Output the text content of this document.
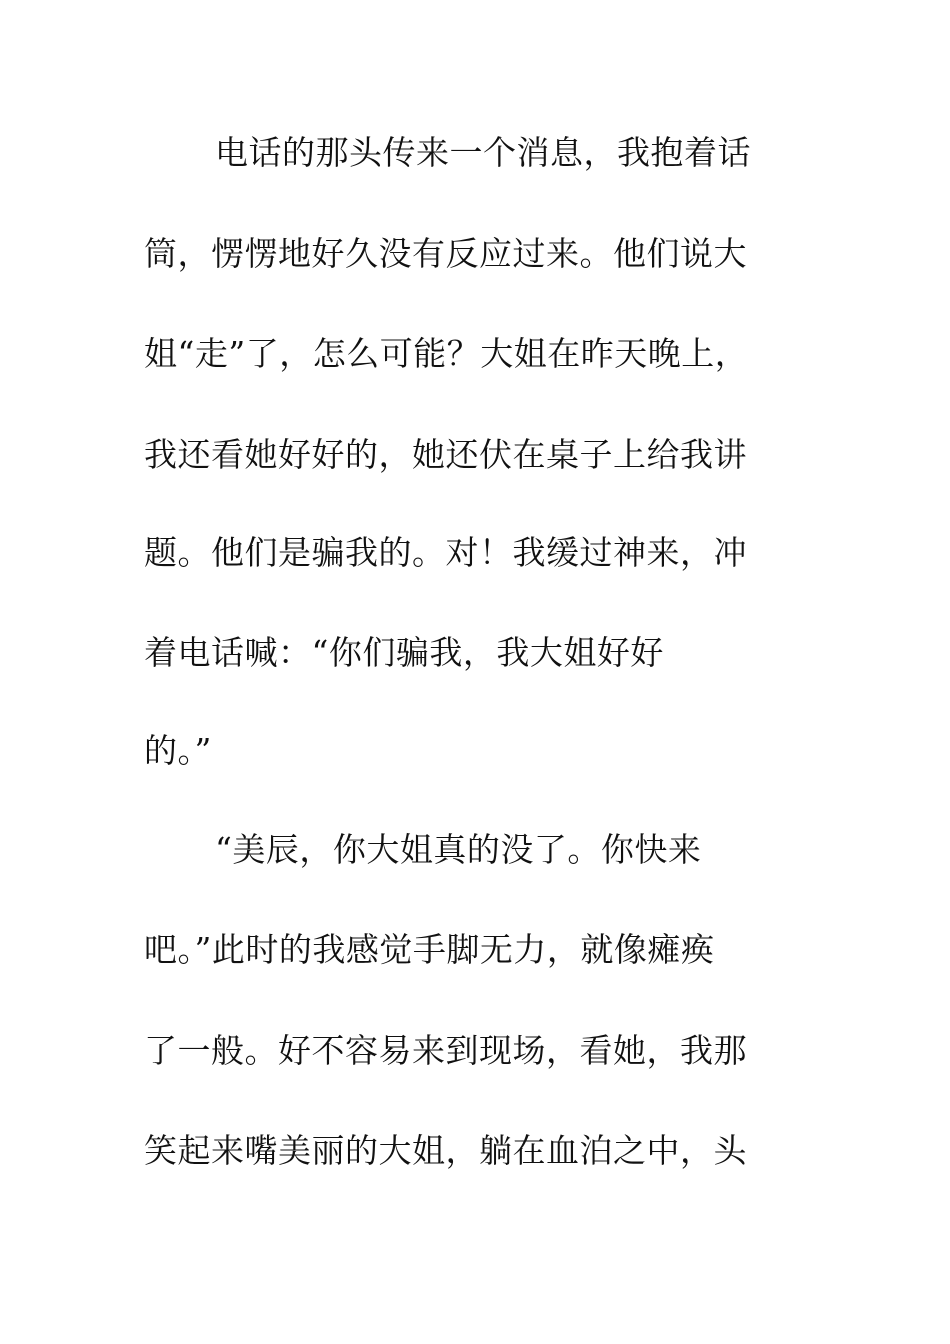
电话的那头传来一个消息，我抱着话
筒，愣愣地好久没有反应过来。他们说大
姐“走”了，怎么可能？大姐在昨天晚上，
我还看她好好的，她还伏在桌子上给我讲
题。他们是骗我的。对！我缓过神来，冲
着电话喊：“你们骗我，我大姐好好
的。”
“美辰，你大姐真的没了。你快来
吧。”此时的我感觉手脚无力，就像瘫痪
了一般。好不容易来到现场，看她，我那
笑起来嘴美丽的大姐，躺在血泊之中，头
